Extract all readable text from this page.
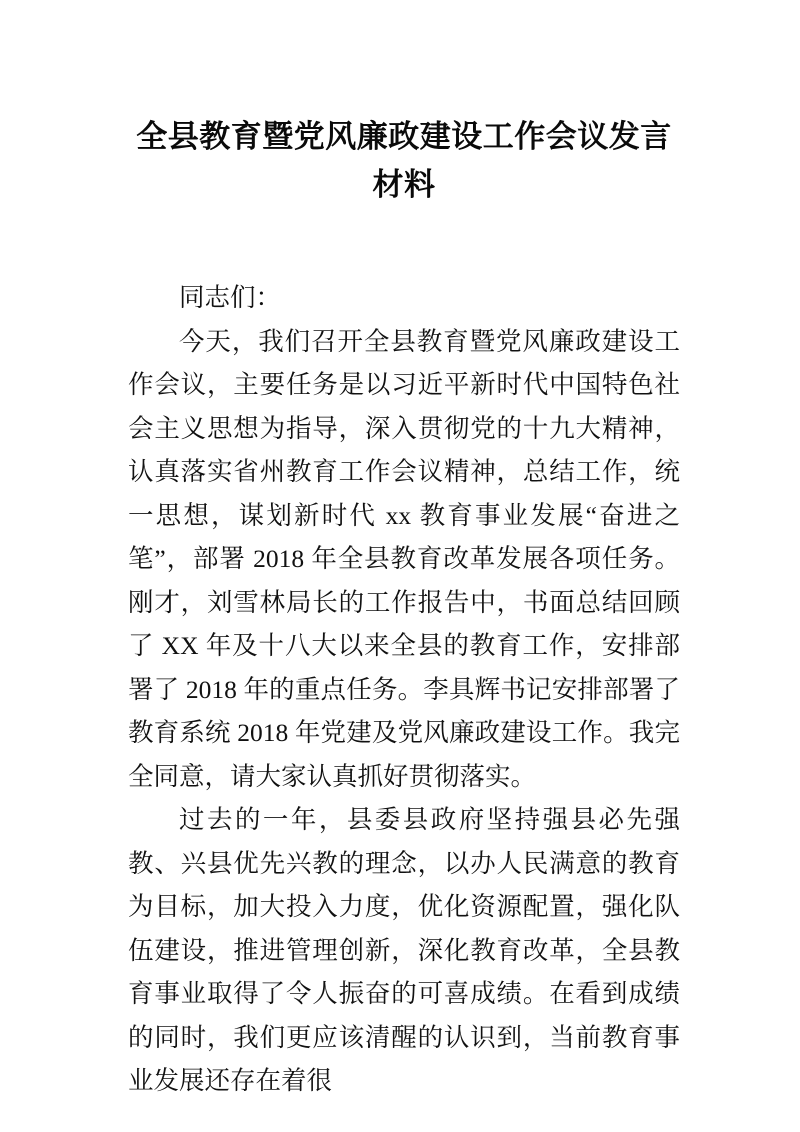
全县教育暨党风廉政建设工作会议发言材料

同志们：

今天，我们召开全县教育暨党风廉政建设工作会议，主要任务是以习近平新时代中国特色社会主义思想为指导，深入贯彻党的十九大精神，认真落实省州教育工作会议精神，总结工作，统一思想，谋划新时代 xx 教育事业发展“奋进之笔”，部署 2018 年全县教育改革发展各项任务。刚才，刘雪林局长的工作报告中，书面总结回顾了 XX 年及十八大以来全县的教育工作，安排部署了 2018 年的重点任务。李具辉书记安排部署了教育系统 2018 年党建及党风廉政建设工作。我完全同意，请大家认真抓好贯彻落实。

过去的一年，县委县政府坚持强县必先强教、兴县优先兴教的理念，以办人民满意的教育为目标，加大投入力度，优化资源配置，强化队伍建设，推进管理创新，深化教育改革，全县教育事业取得了令人振奋的可喜成绩。在看到成绩的同时，我们更应该清醒的认识到，当前教育事业发展还存在着很
